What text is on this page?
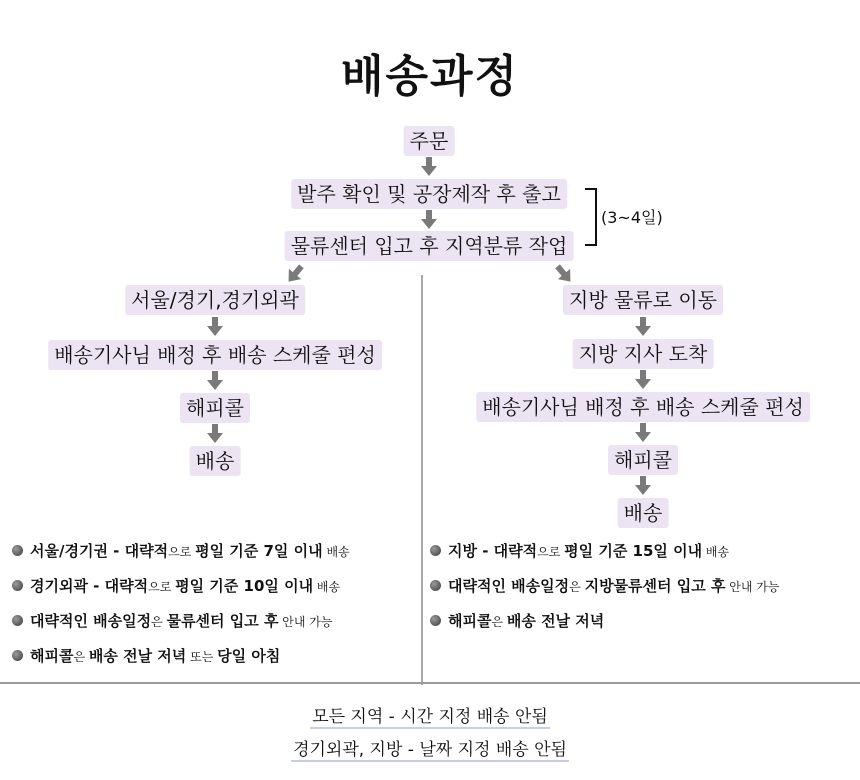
배송과정
주문
발주 확인 및 공장제작 후 출고
물류센터 입고 후 지역분류 작업
(3~4일)
서울/경기,경기외곽
배송기사님 배정 후 배송 스케줄 편성
해피콜
배송
지방 물류로 이동
지방 지사 도착
배송기사님 배정 후 배송 스케줄 편성
해피콜
배송
서울/경기권 - 대략적으로 평일 기준 7일 이내 배송
경기외곽 - 대략적으로 평일 기준 10일 이내 배송
대략적인 배송일정은 물류센터 입고 후 안내 가능
해피콜은 배송 전날 저녁 또는 당일 아침
지방 - 대략적으로 평일 기준 15일 이내 배송
대략적인 배송일정은 지방물류센터 입고 후 안내 가능
해피콜은 배송 전날 저녁
모든 지역 - 시간 지정 배송 안됨
경기외곽, 지방 - 날짜 지정 배송 안됨
